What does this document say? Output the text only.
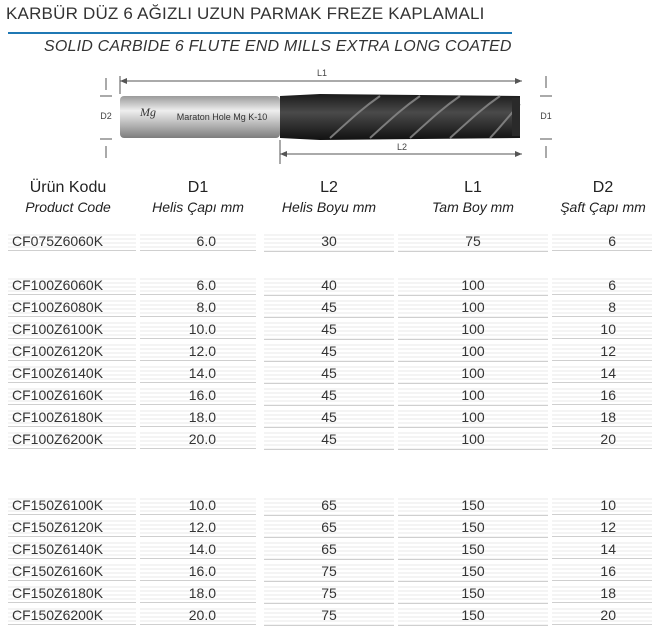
KARBÜR DÜZ 6 AĞIZLI UZUN PARMAK FREZE KAPLAMALI
SOLID CARBIDE 6 FLUTE END MILLS EXTRA LONG COATED
L1
D2	D1
Mg Maraton Hole Mg K-10
L2
Ürün Kodu
Product Code
D1
Helis Çapı mm
L2
Helis Boyu mm
L1
Tam Boy mm
D2
Şaft Çapı mm
CF075Z6060K	6.0	30	75	6
CF100Z6060K	6.0	40	100	6
CF100Z6080K	8.0	45	100	8
CF100Z6100K	10.0	45	100	10
CF100Z6120K	12.0	45	100	12
CF100Z6140K	14.0	45	100	14
CF100Z6160K	16.0	45	100	16
CF100Z6180K	18.0	45	100	18
CF100Z6200K	20.0	45	100	20
CF150Z6100K	10.0	65	150	10
CF150Z6120K	12.0	65	150	12
CF150Z6140K	14.0	65	150	14
CF150Z6160K	16.0	75	150	16
CF150Z6180K	18.0	75	150	18
CF150Z6200K	20.0	75	150	20
